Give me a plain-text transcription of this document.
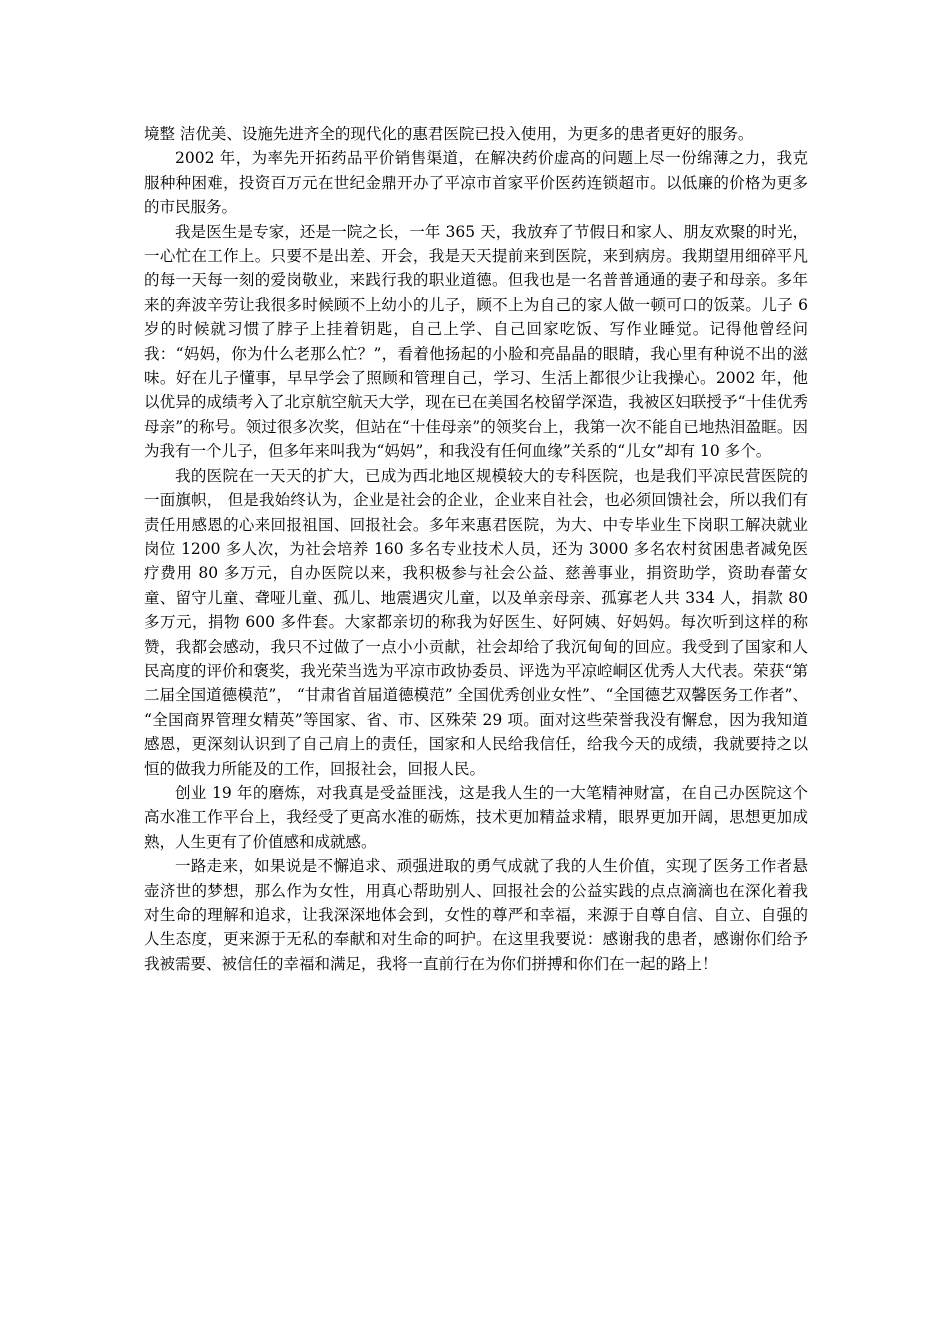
境整 洁优美、设施先进齐全的现代化的惠君医院已投入使用，为更多的患者更好的服务。

2002 年，为率先开拓药品平价销售渠道，在解决药价虚高的问题上尽一份绵薄之力，我克服种种困难，投资百万元在世纪金鼎开办了平凉市首家平价医药连锁超市。以低廉的价格为更多的市民服务。

我是医生是专家，还是一院之长，一年 365 天，我放弃了节假日和家人、朋友欢聚的时光，一心忙在工作上。只要不是出差、开会，我是天天提前来到医院，来到病房。我期望用细碎平凡的每一天每一刻的爱岗敬业，来践行我的职业道德。但我也是一名普普通通的妻子和母亲。多年来的奔波辛劳让我很多时候顾不上幼小的儿子，顾不上为自己的家人做一顿可口的饭菜。儿子 6 岁的时候就习惯了脖子上挂着钥匙，自己上学、自己回家吃饭、写作业睡觉。记得他曾经问我：“妈妈，你为什么老那么忙？”，看着他扬起的小脸和亮晶晶的眼睛，我心里有种说不出的滋味。好在儿子懂事，早早学会了照顾和管理自己，学习、生活上都很少让我操心。2002 年，他以优异的成绩考入了北京航空航天大学，现在已在美国名校留学深造，我被区妇联授予“十佳优秀母亲”的称号。领过很多次奖，但站在“十佳母亲”的领奖台上，我第一次不能自已地热泪盈眶。因为我有一个儿子，但多年来叫我为“妈妈”，和我没有任何血缘”关系的“儿女”却有 10 多个。

我的医院在一天天的扩大，已成为西北地区规模较大的专科医院，也是我们平凉民营医院的一面旗帜， 但是我始终认为，企业是社会的企业，企业来自社会，也必须回馈社会，所以我们有责任用感恩的心来回报祖国、回报社会。多年来惠君医院，为大、中专毕业生下岗职工解决就业岗位 1200 多人次，为社会培养 160 多名专业技术人员，还为 3000 多名农村贫困患者减免医疗费用 80 多万元，自办医院以来，我积极参与社会公益、慈善事业，捐资助学，资助春蕾女童、留守儿童、聋哑儿童、孤儿、地震遇灾儿童，以及单亲母亲、孤寡老人共 334 人，捐款 80 多万元，捐物 600 多件套。大家都亲切的称我为好医生、好阿姨、好妈妈。每次听到这样的称赞，我都会感动，我只不过做了一点小小贡献，社会却给了我沉甸甸的回应。我受到了国家和人民高度的评价和褒奖，我光荣当选为平凉市政协委员、评选为平凉崆峒区优秀人大代表。荣获“第二届全国道德模范”， “甘肃省首届道德模范” 全国优秀创业女性”、“全国德艺双馨医务工作者”、 “全国商界管理女精英”等国家、省、市、区殊荣 29 项。面对这些荣誉我没有懈怠，因为我知道感恩，更深刻认识到了自己肩上的责任，国家和人民给我信任，给我今天的成绩，我就要持之以恒的做我力所能及的工作，回报社会，回报人民。

创业 19 年的磨炼，对我真是受益匪浅，这是我人生的一大笔精神财富，在自己办医院这个高水准工作平台上，我经受了更高水准的砺炼，技术更加精益求精，眼界更加开阔，思想更加成熟，人生更有了价值感和成就感。

一路走来，如果说是不懈追求、顽强进取的勇气成就了我的人生价值，实现了医务工作者悬壶济世的梦想，那么作为女性，用真心帮助别人、回报社会的公益实践的点点滴滴也在深化着我对生命的理解和追求，让我深深地体会到，女性的尊严和幸福，来源于自尊自信、自立、自强的人生态度，更来源于无私的奉献和对生命的呵护。在这里我要说：感谢我的患者，感谢你们给予我被需要、被信任的幸福和满足，我将一直前行在为你们拼搏和你们在一起的路上！
